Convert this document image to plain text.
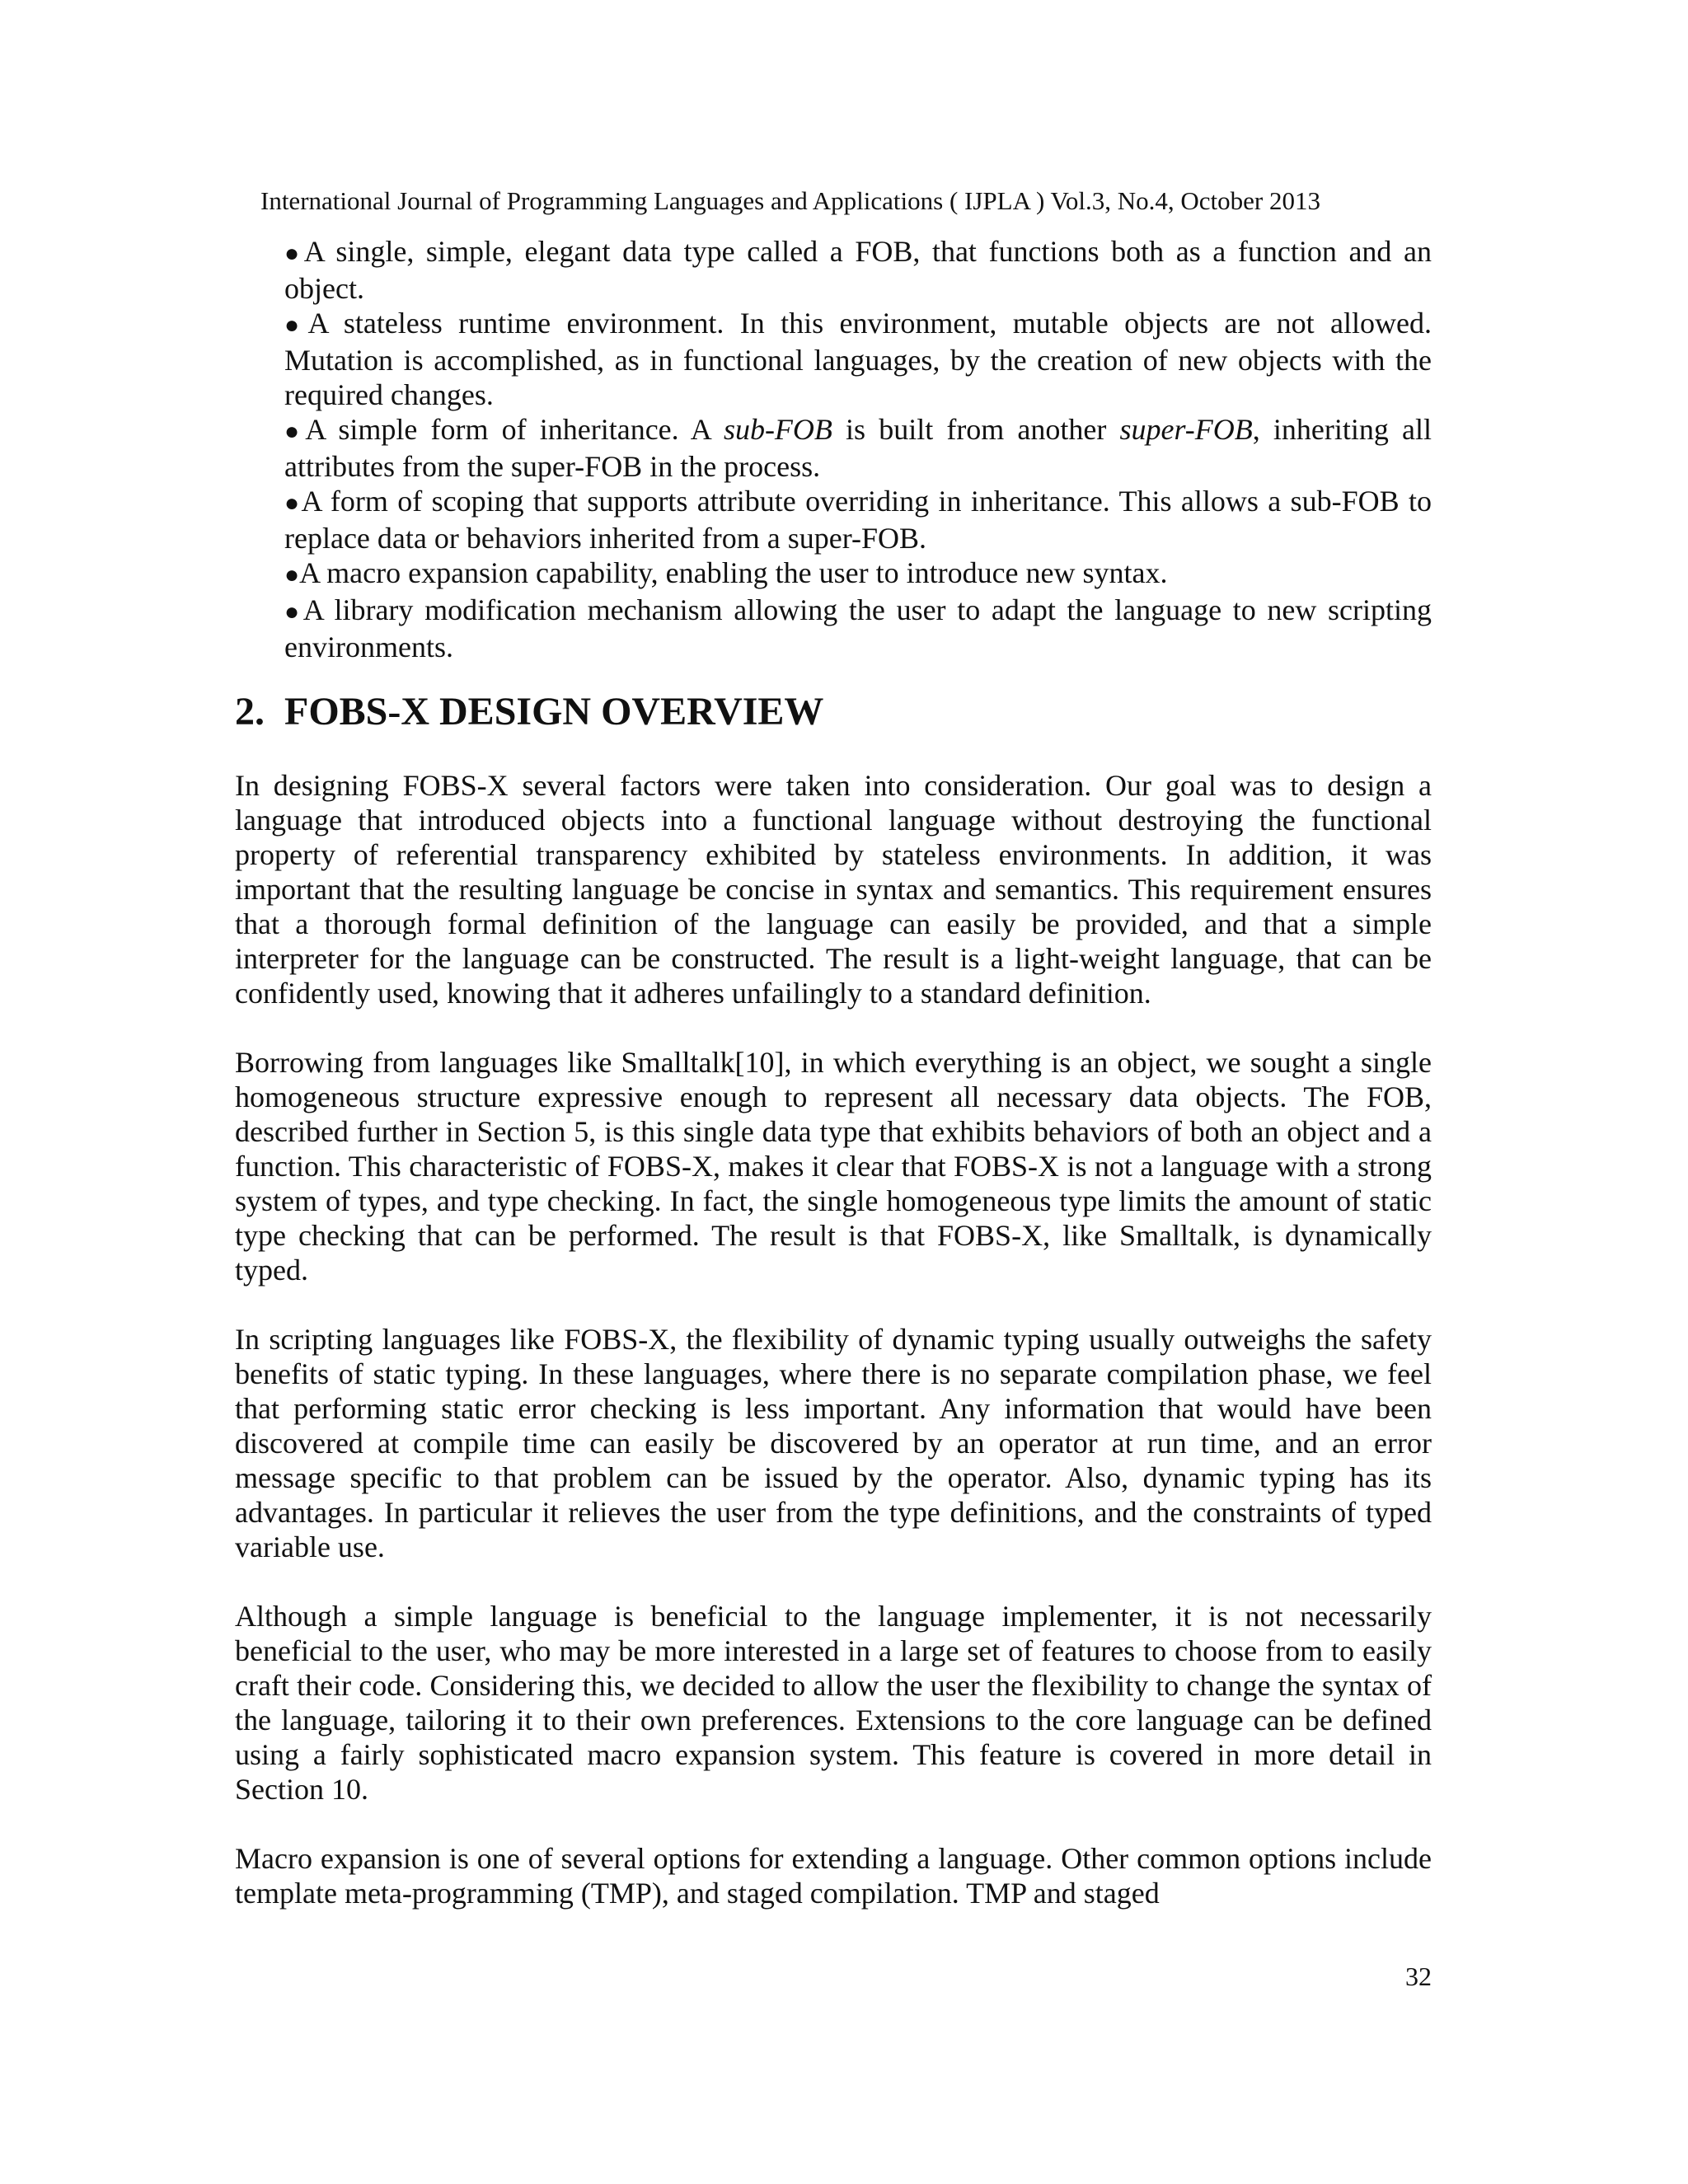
International Journal of Programming Languages and Applications ( IJPLA ) Vol.3, No.4, October 2013

●A single, simple, elegant data type called a FOB, that functions both as a function and an object.

●A stateless runtime environment. In this environment, mutable objects are not allowed. Mutation is accomplished, as in functional languages, by the creation of new objects with the required changes.

●A simple form of inheritance. A sub-FOB is built from another super-FOB, inheriting all attributes from the super-FOB in the process.

●A form of scoping that supports attribute overriding in inheritance. This allows a sub-FOB to replace data or behaviors inherited from a super-FOB.

●A macro expansion capability, enabling the user to introduce new syntax.

●A library modification mechanism allowing the user to adapt the language to new scripting environments.

2. FOBS-X DESIGN OVERVIEW

In designing FOBS-X several factors were taken into consideration. Our goal was to design a language that introduced objects into a functional language without destroying the functional property of referential transparency exhibited by stateless environments. In addition, it was important that the resulting language be concise in syntax and semantics. This requirement ensures that a thorough formal definition of the language can easily be provided, and that a simple interpreter for the language can be constructed. The result is a light-weight language, that can be confidently used, knowing that it adheres unfailingly to a standard definition.

Borrowing from languages like Smalltalk[10], in which everything is an object, we sought a single homogeneous structure expressive enough to represent all necessary data objects. The FOB, described further in Section 5, is this single data type that exhibits behaviors of both an object and a function. This characteristic of FOBS-X, makes it clear that FOBS-X is not a language with a strong system of types, and type checking. In fact, the single homogeneous type limits the amount of static type checking that can be performed. The result is that FOBS-X, like Smalltalk, is dynamically typed.

In scripting languages like FOBS-X, the flexibility of dynamic typing usually outweighs the safety benefits of static typing. In these languages, where there is no separate compilation phase, we feel that performing static error checking is less important. Any information that would have been discovered at compile time can easily be discovered by an operator at run time, and an error message specific to that problem can be issued by the operator. Also, dynamic typing has its advantages. In particular it relieves the user from the type definitions, and the constraints of typed variable use.

Although a simple language is beneficial to the language implementer, it is not necessarily beneficial to the user, who may be more interested in a large set of features to choose from to easily craft their code. Considering this, we decided to allow the user the flexibility to change the syntax of the language, tailoring it to their own preferences. Extensions to the core language can be defined using a fairly sophisticated macro expansion system. This feature is covered in more detail in Section 10.

Macro expansion is one of several options for extending a language. Other common options include template meta-programming (TMP), and staged compilation. TMP and staged

32
